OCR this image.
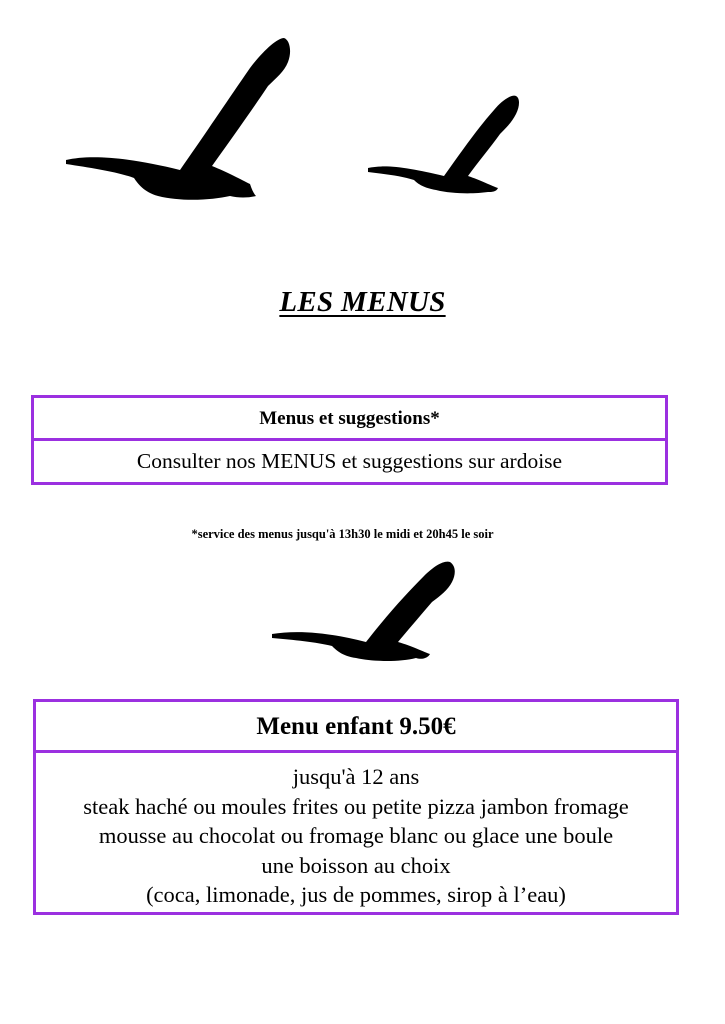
LES MENUS
Menus et suggestions*
Consulter nos MENUS et suggestions sur ardoise
*service des menus jusqu'à 13h30 le midi et 20h45 le soir
Menu enfant 9.50€
jusqu'à 12 ans
steak haché ou moules frites ou petite pizza jambon fromage
mousse au chocolat ou fromage blanc ou glace une boule
une boisson au choix
(coca, limonade, jus de pommes, sirop à l’eau)
